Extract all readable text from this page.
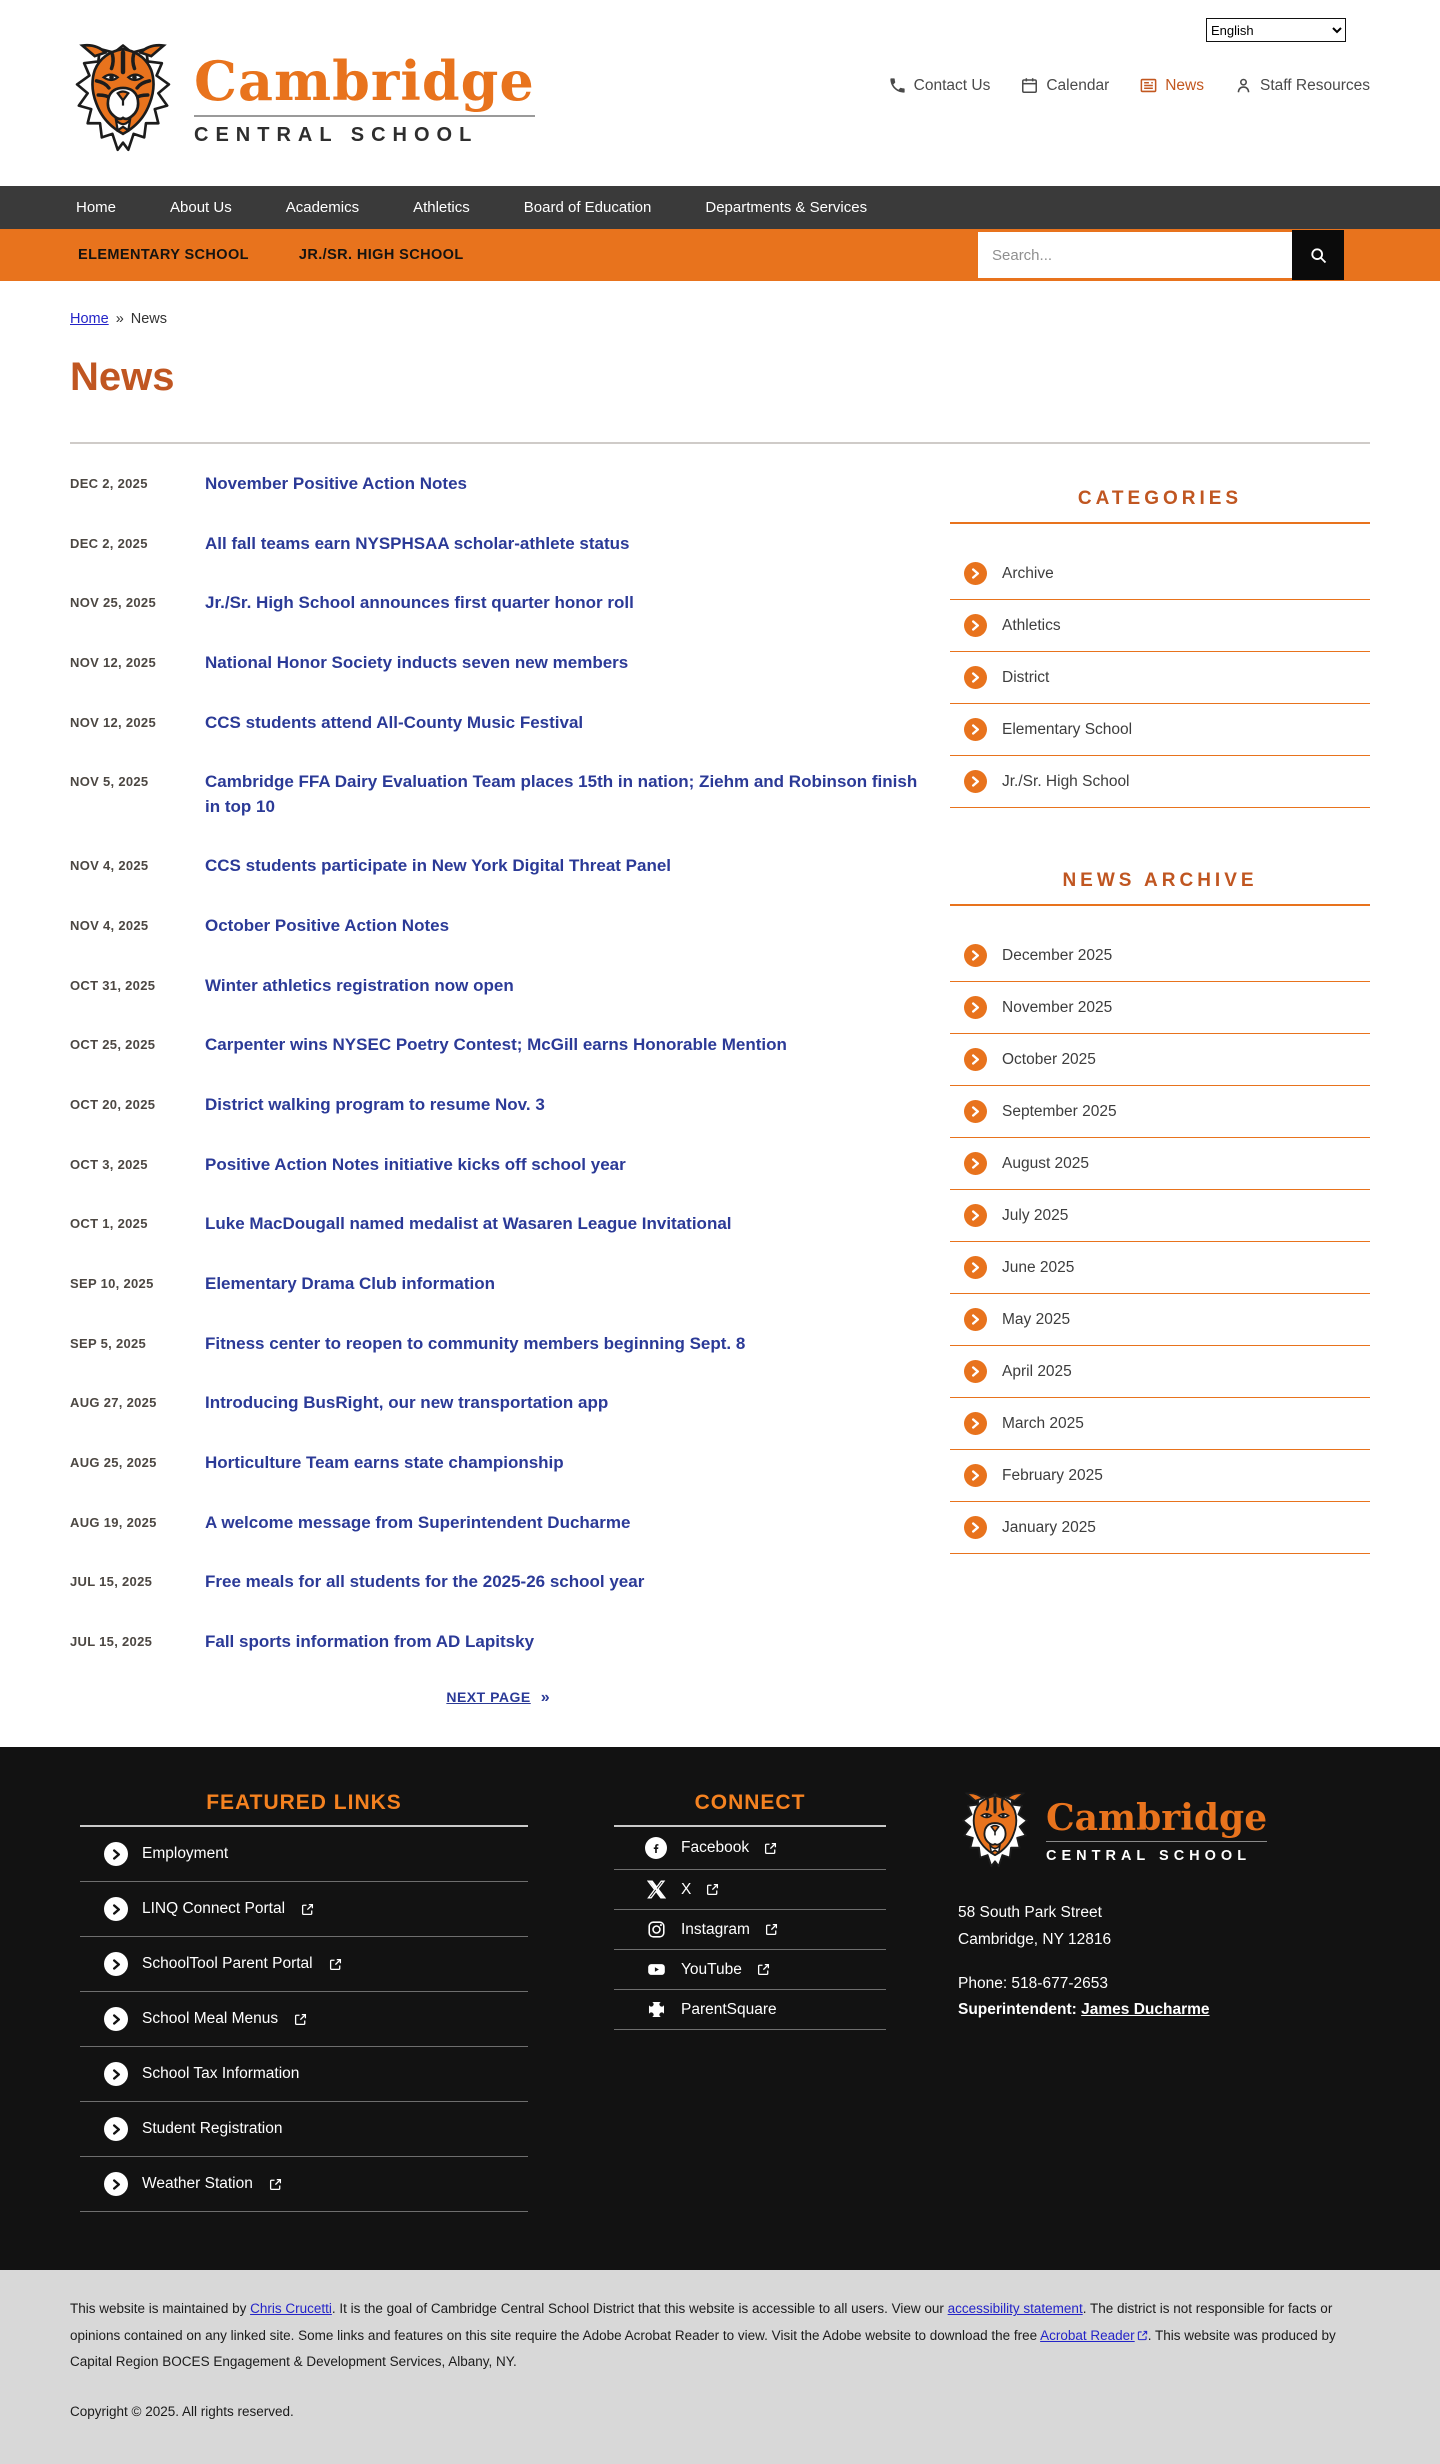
Cambridge
CENTRAL SCHOOL
English
Contact Us	Calendar	News	Staff Resources
Home	About Us	Academics	Athletics	Board of Education	Departments & Services
ELEMENTARY SCHOOL	JR./SR. HIGH SCHOOL
Search...
Home » News
News
DEC 2, 2025	November Positive Action Notes
DEC 2, 2025	All fall teams earn NYSPHSAA scholar-athlete status
NOV 25, 2025	Jr./Sr. High School announces first quarter honor roll
NOV 12, 2025	National Honor Society inducts seven new members
NOV 12, 2025	CCS students attend All-County Music Festival
NOV 5, 2025	Cambridge FFA Dairy Evaluation Team places 15th in nation; Ziehm and Robinson finish in top 10
NOV 4, 2025	CCS students participate in New York Digital Threat Panel
NOV 4, 2025	October Positive Action Notes
OCT 31, 2025	Winter athletics registration now open
OCT 25, 2025	Carpenter wins NYSEC Poetry Contest; McGill earns Honorable Mention
OCT 20, 2025	District walking program to resume Nov. 3
OCT 3, 2025	Positive Action Notes initiative kicks off school year
OCT 1, 2025	Luke MacDougall named medalist at Wasaren League Invitational
SEP 10, 2025	Elementary Drama Club information
SEP 5, 2025	Fitness center to reopen to community members beginning Sept. 8
AUG 27, 2025	Introducing BusRight, our new transportation app
AUG 25, 2025	Horticulture Team earns state championship
AUG 19, 2025	A welcome message from Superintendent Ducharme
JUL 15, 2025	Free meals for all students for the 2025-26 school year
JUL 15, 2025	Fall sports information from AD Lapitsky
NEXT PAGE »
CATEGORIES
Archive
Athletics
District
Elementary School
Jr./Sr. High School
NEWS ARCHIVE
December 2025
November 2025
October 2025
September 2025
August 2025
July 2025
June 2025
May 2025
April 2025
March 2025
February 2025
January 2025
FEATURED LINKS
Employment
LINQ Connect Portal
SchoolTool Parent Portal
School Meal Menus
School Tax Information
Student Registration
Weather Station
CONNECT
Facebook
X
Instagram
YouTube
ParentSquare
Cambridge
CENTRAL SCHOOL
58 South Park Street
Cambridge, NY 12816
Phone: 518-677-2653
Superintendent: James Ducharme

This website is maintained by Chris Crucetti. It is the goal of Cambridge Central School District that this website is accessible to all users. View our accessibility statement. The district is not responsible for facts or opinions contained on any linked site. Some links and features on this site require the Adobe Acrobat Reader to view. Visit the Adobe website to download the free Acrobat Reader . This website was produced by Capital Region BOCES Engagement & Development Services, Albany, NY.

Copyright © 2025. All rights reserved.
